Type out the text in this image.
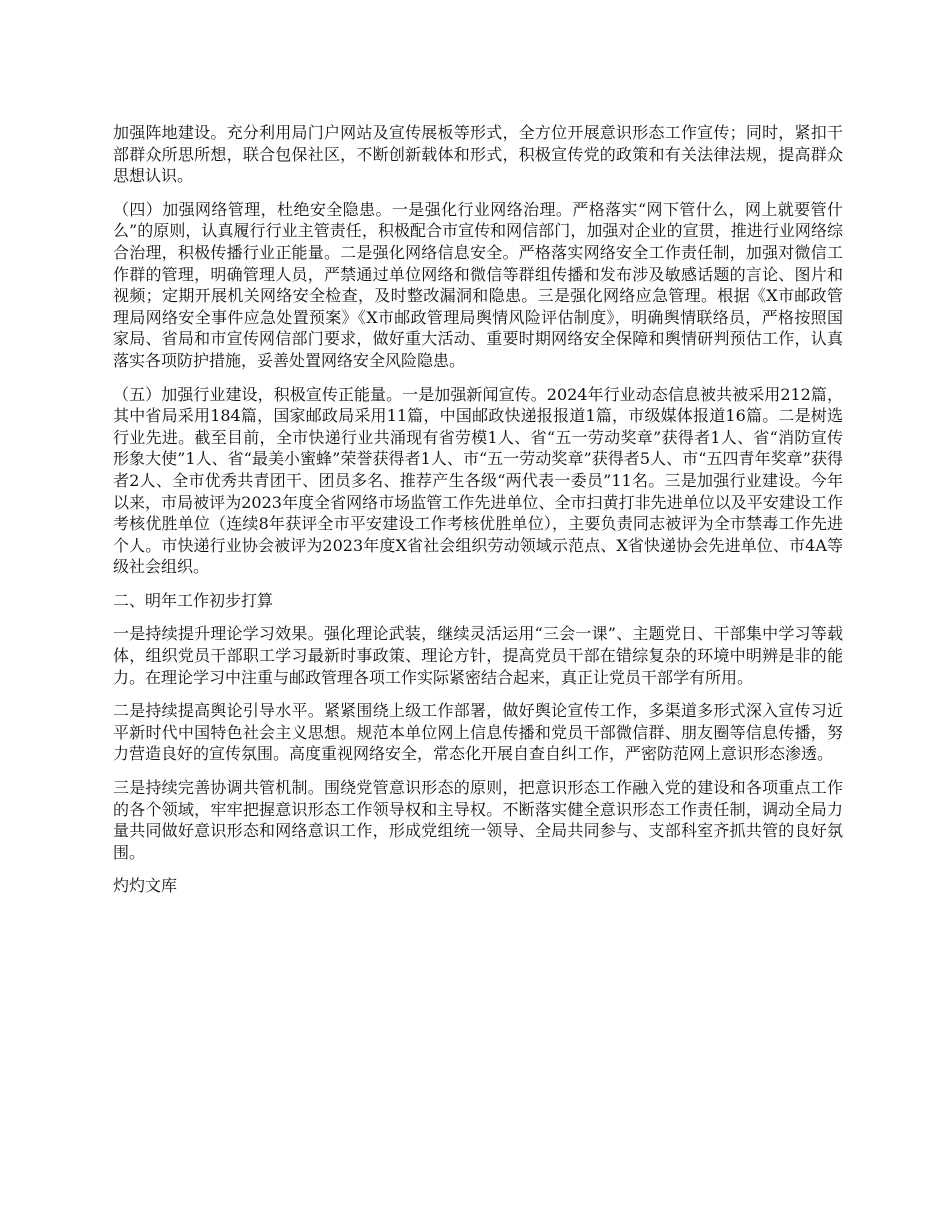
加强阵地建设。充分利用局门户网站及宣传展板等形式，全方位开展意识形态工作宣传；同时，紧扣干部群众所思所想，联合包保社区，不断创新载体和形式，积极宣传党的政策和有关法律法规，提高群众思想认识。

（四）加强网络管理，杜绝安全隐患。一是强化行业网络治理。严格落实“网下管什么，网上就要管什么”的原则，认真履行行业主管责任，积极配合市宣传和网信部门，加强对企业的宣贯，推进行业网络综合治理，积极传播行业正能量。二是强化网络信息安全。严格落实网络安全工作责任制，加强对微信工作群的管理，明确管理人员，严禁通过单位网络和微信等群组传播和发布涉及敏感话题的言论、图片和视频；定期开展机关网络安全检查，及时整改漏洞和隐患。三是强化网络应急管理。根据《X市邮政管理局网络安全事件应急处置预案》《X市邮政管理局舆情风险评估制度》，明确舆情联络员，严格按照国家局、省局和市宣传网信部门要求，做好重大活动、重要时期网络安全保障和舆情研判预估工作，认真落实各项防护措施，妥善处置网络安全风险隐患。

（五）加强行业建设，积极宣传正能量。一是加强新闻宣传。2024年行业动态信息被共被采用212篇，其中省局采用184篇，国家邮政局采用11篇，中国邮政快递报报道1篇，市级媒体报道16篇。二是树选行业先进。截至目前，全市快递行业共涌现有省劳模1人、省“五一劳动奖章”获得者1人、省“消防宣传形象大使”1人、省“最美小蜜蜂”荣誉获得者1人、市“五一劳动奖章”获得者5人、市“五四青年奖章”获得者2人、全市优秀共青团干、团员多名、推荐产生各级“两代表一委员”11名。三是加强行业建设。今年以来，市局被评为2023年度全省网络市场监管工作先进单位、全市扫黄打非先进单位以及平安建设工作考核优胜单位（连续8年获评全市平安建设工作考核优胜单位），主要负责同志被评为全市禁毒工作先进个人。市快递行业协会被评为2023年度X省社会组织劳动领域示范点、X省快递协会先进单位、市4A等级社会组织。

二、明年工作初步打算

一是持续提升理论学习效果。强化理论武装，继续灵活运用“三会一课”、主题党日、干部集中学习等载体，组织党员干部职工学习最新时事政策、理论方针，提高党员干部在错综复杂的环境中明辨是非的能力。在理论学习中注重与邮政管理各项工作实际紧密结合起来，真正让党员干部学有所用。

二是持续提高舆论引导水平。紧紧围绕上级工作部署，做好舆论宣传工作，多渠道多形式深入宣传习近平新时代中国特色社会主义思想。规范本单位网上信息传播和党员干部微信群、朋友圈等信息传播，努力营造良好的宣传氛围。高度重视网络安全，常态化开展自查自纠工作，严密防范网上意识形态渗透。

三是持续完善协调共管机制。围绕党管意识形态的原则，把意识形态工作融入党的建设和各项重点工作的各个领域，牢牢把握意识形态工作领导权和主导权。不断落实健全意识形态工作责任制，调动全局力量共同做好意识形态和网络意识工作，形成党组统一领导、全局共同参与、支部科室齐抓共管的良好氛围。

灼灼文库
